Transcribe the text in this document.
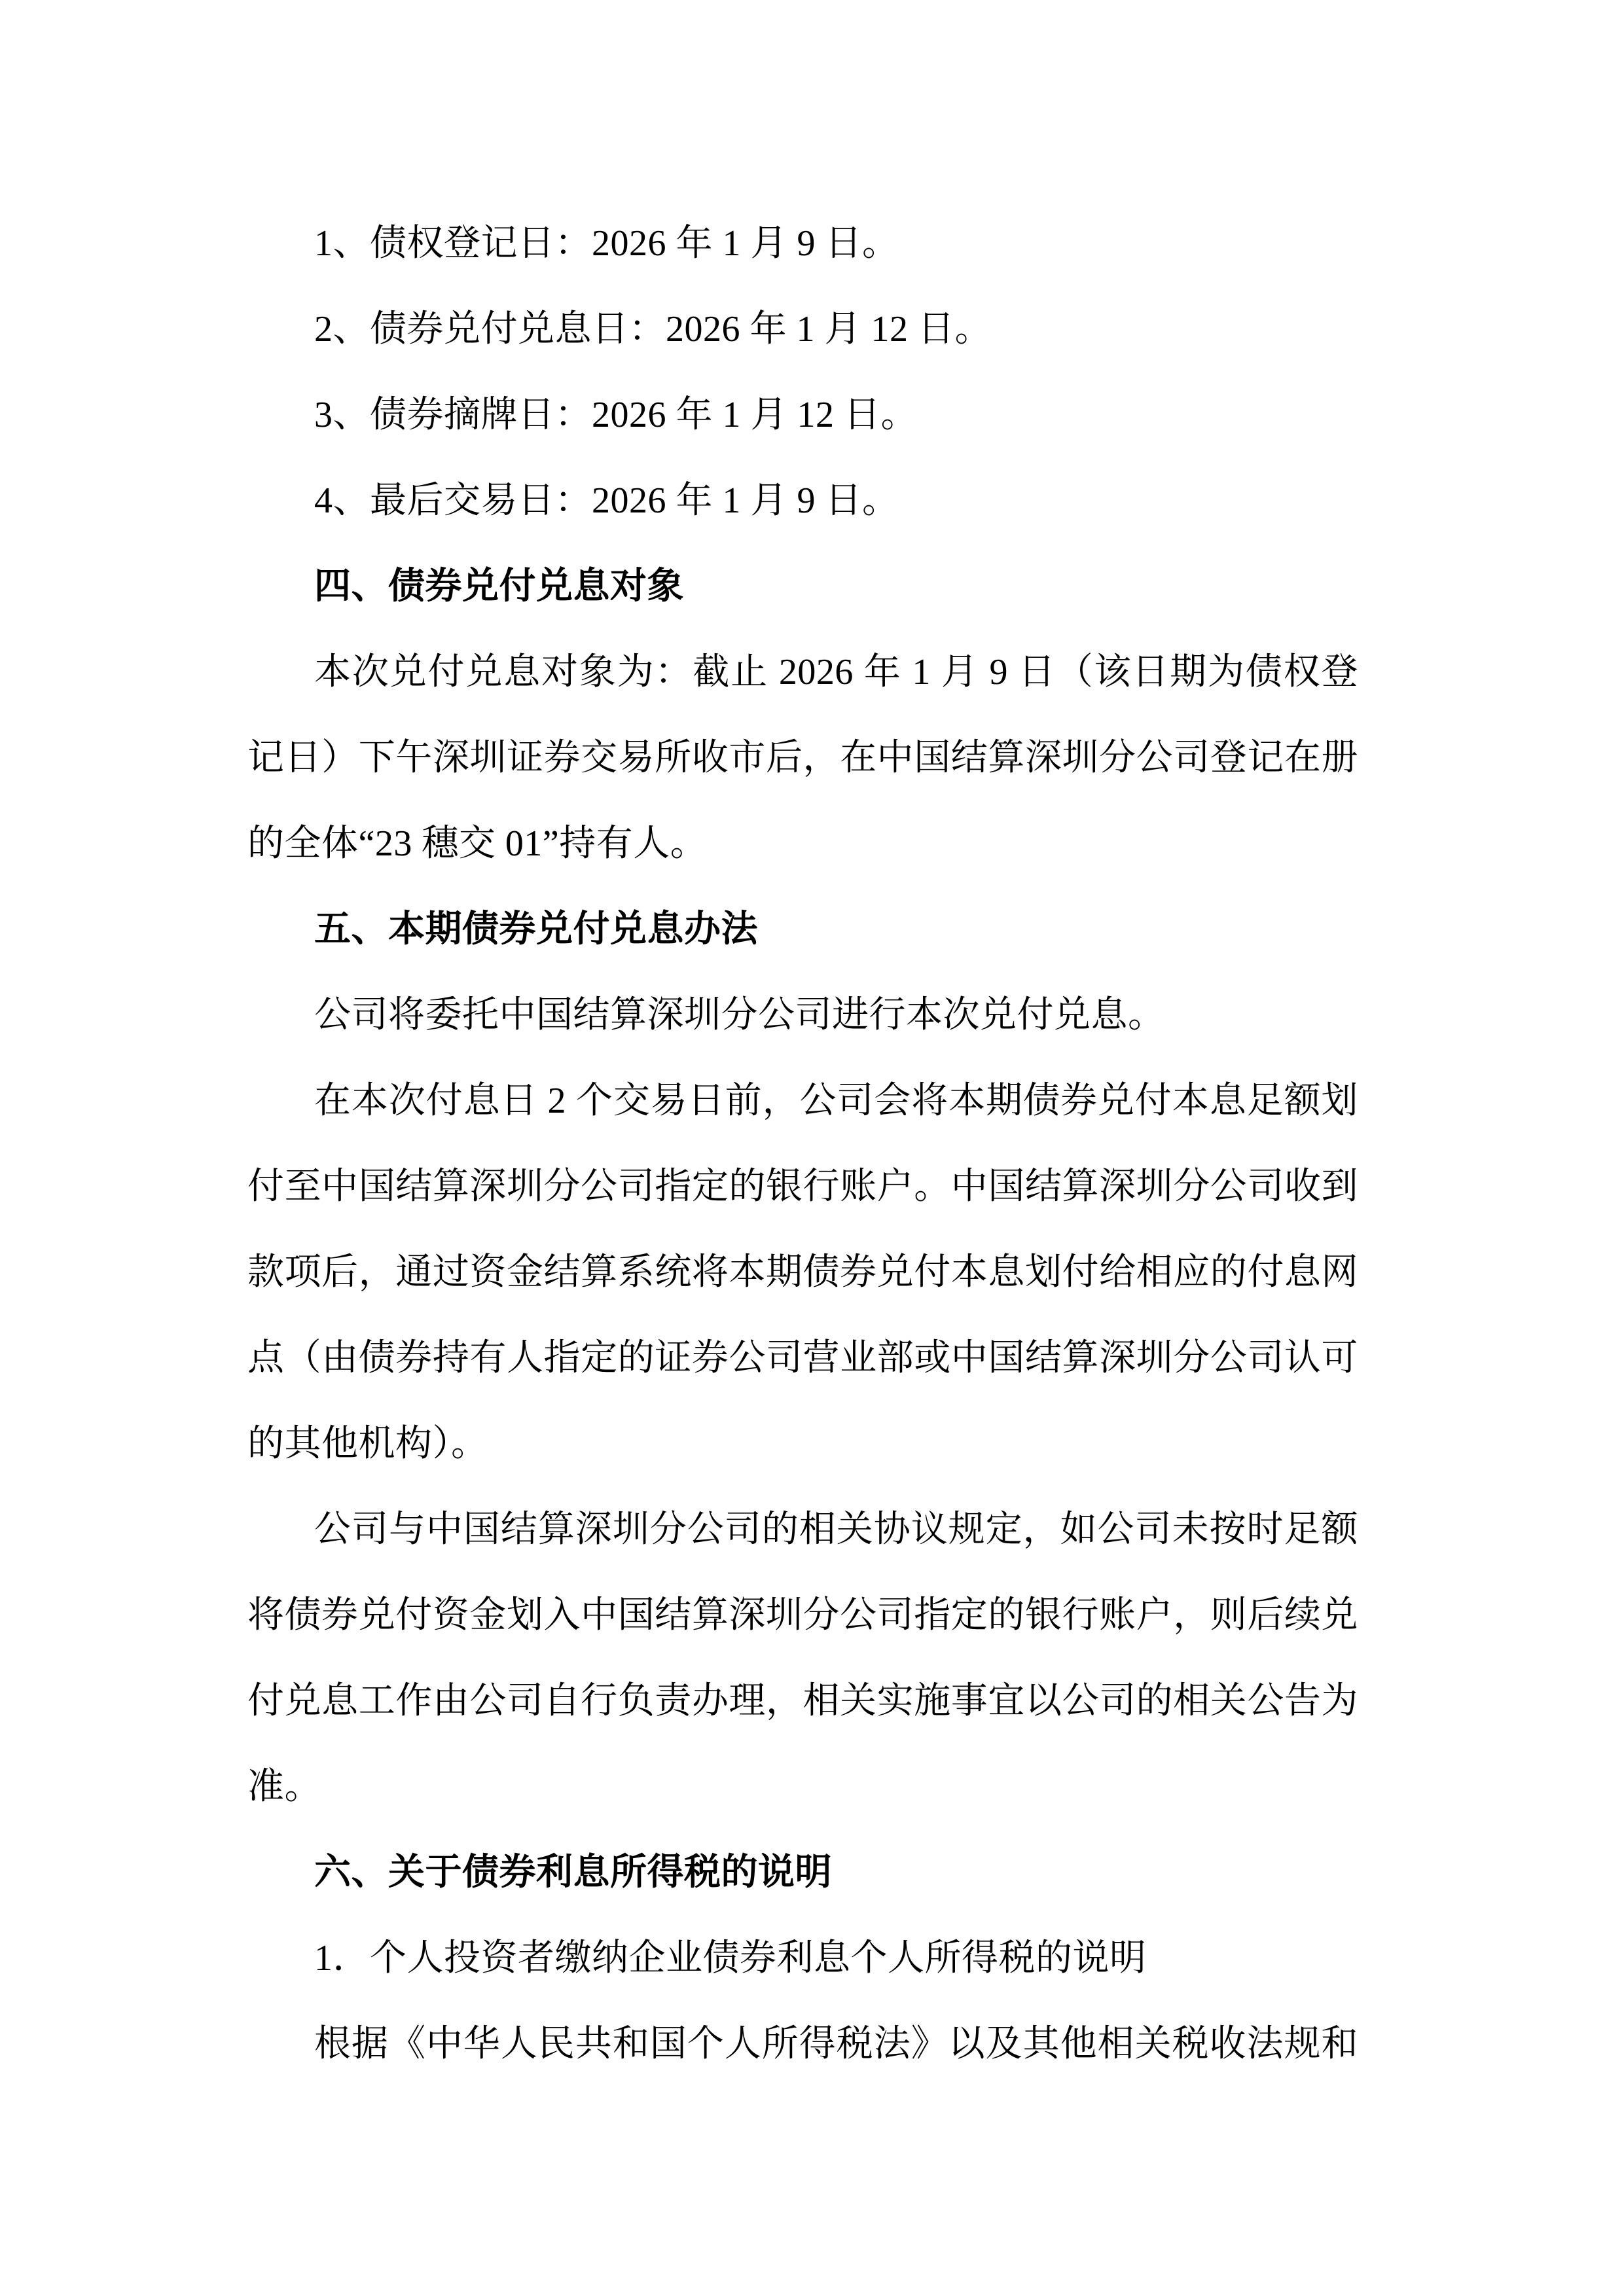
1、债权登记日：2026 年 1 月 9 日。
2、债券兑付兑息日：2026 年 1 月 12 日。
3、债券摘牌日：2026 年 1 月 12 日。
4、最后交易日：2026 年 1 月 9 日。
四、债券兑付兑息对象
本次兑付兑息对象为：截止 2026 年 1 月 9 日（该日期为债权登
记日）下午深圳证券交易所收市后，在中国结算深圳分公司登记在册
的全体“23 穗交 01”持有人。
五、本期债券兑付兑息办法
公司将委托中国结算深圳分公司进行本次兑付兑息。
在本次付息日 2 个交易日前，公司会将本期债券兑付本息足额划
付至中国结算深圳分公司指定的银行账户。中国结算深圳分公司收到
款项后，通过资金结算系统将本期债券兑付本息划付给相应的付息网
点（由债券持有人指定的证券公司营业部或中国结算深圳分公司认可
的其他机构）。
公司与中国结算深圳分公司的相关协议规定，如公司未按时足额
将债券兑付资金划入中国结算深圳分公司指定的银行账户，则后续兑
付兑息工作由公司自行负责办理，相关实施事宜以公司的相关公告为
准。
六、关于债券利息所得税的说明
1．个人投资者缴纳企业债券利息个人所得税的说明
根据《中华人民共和国个人所得税法》以及其他相关税收法规和
